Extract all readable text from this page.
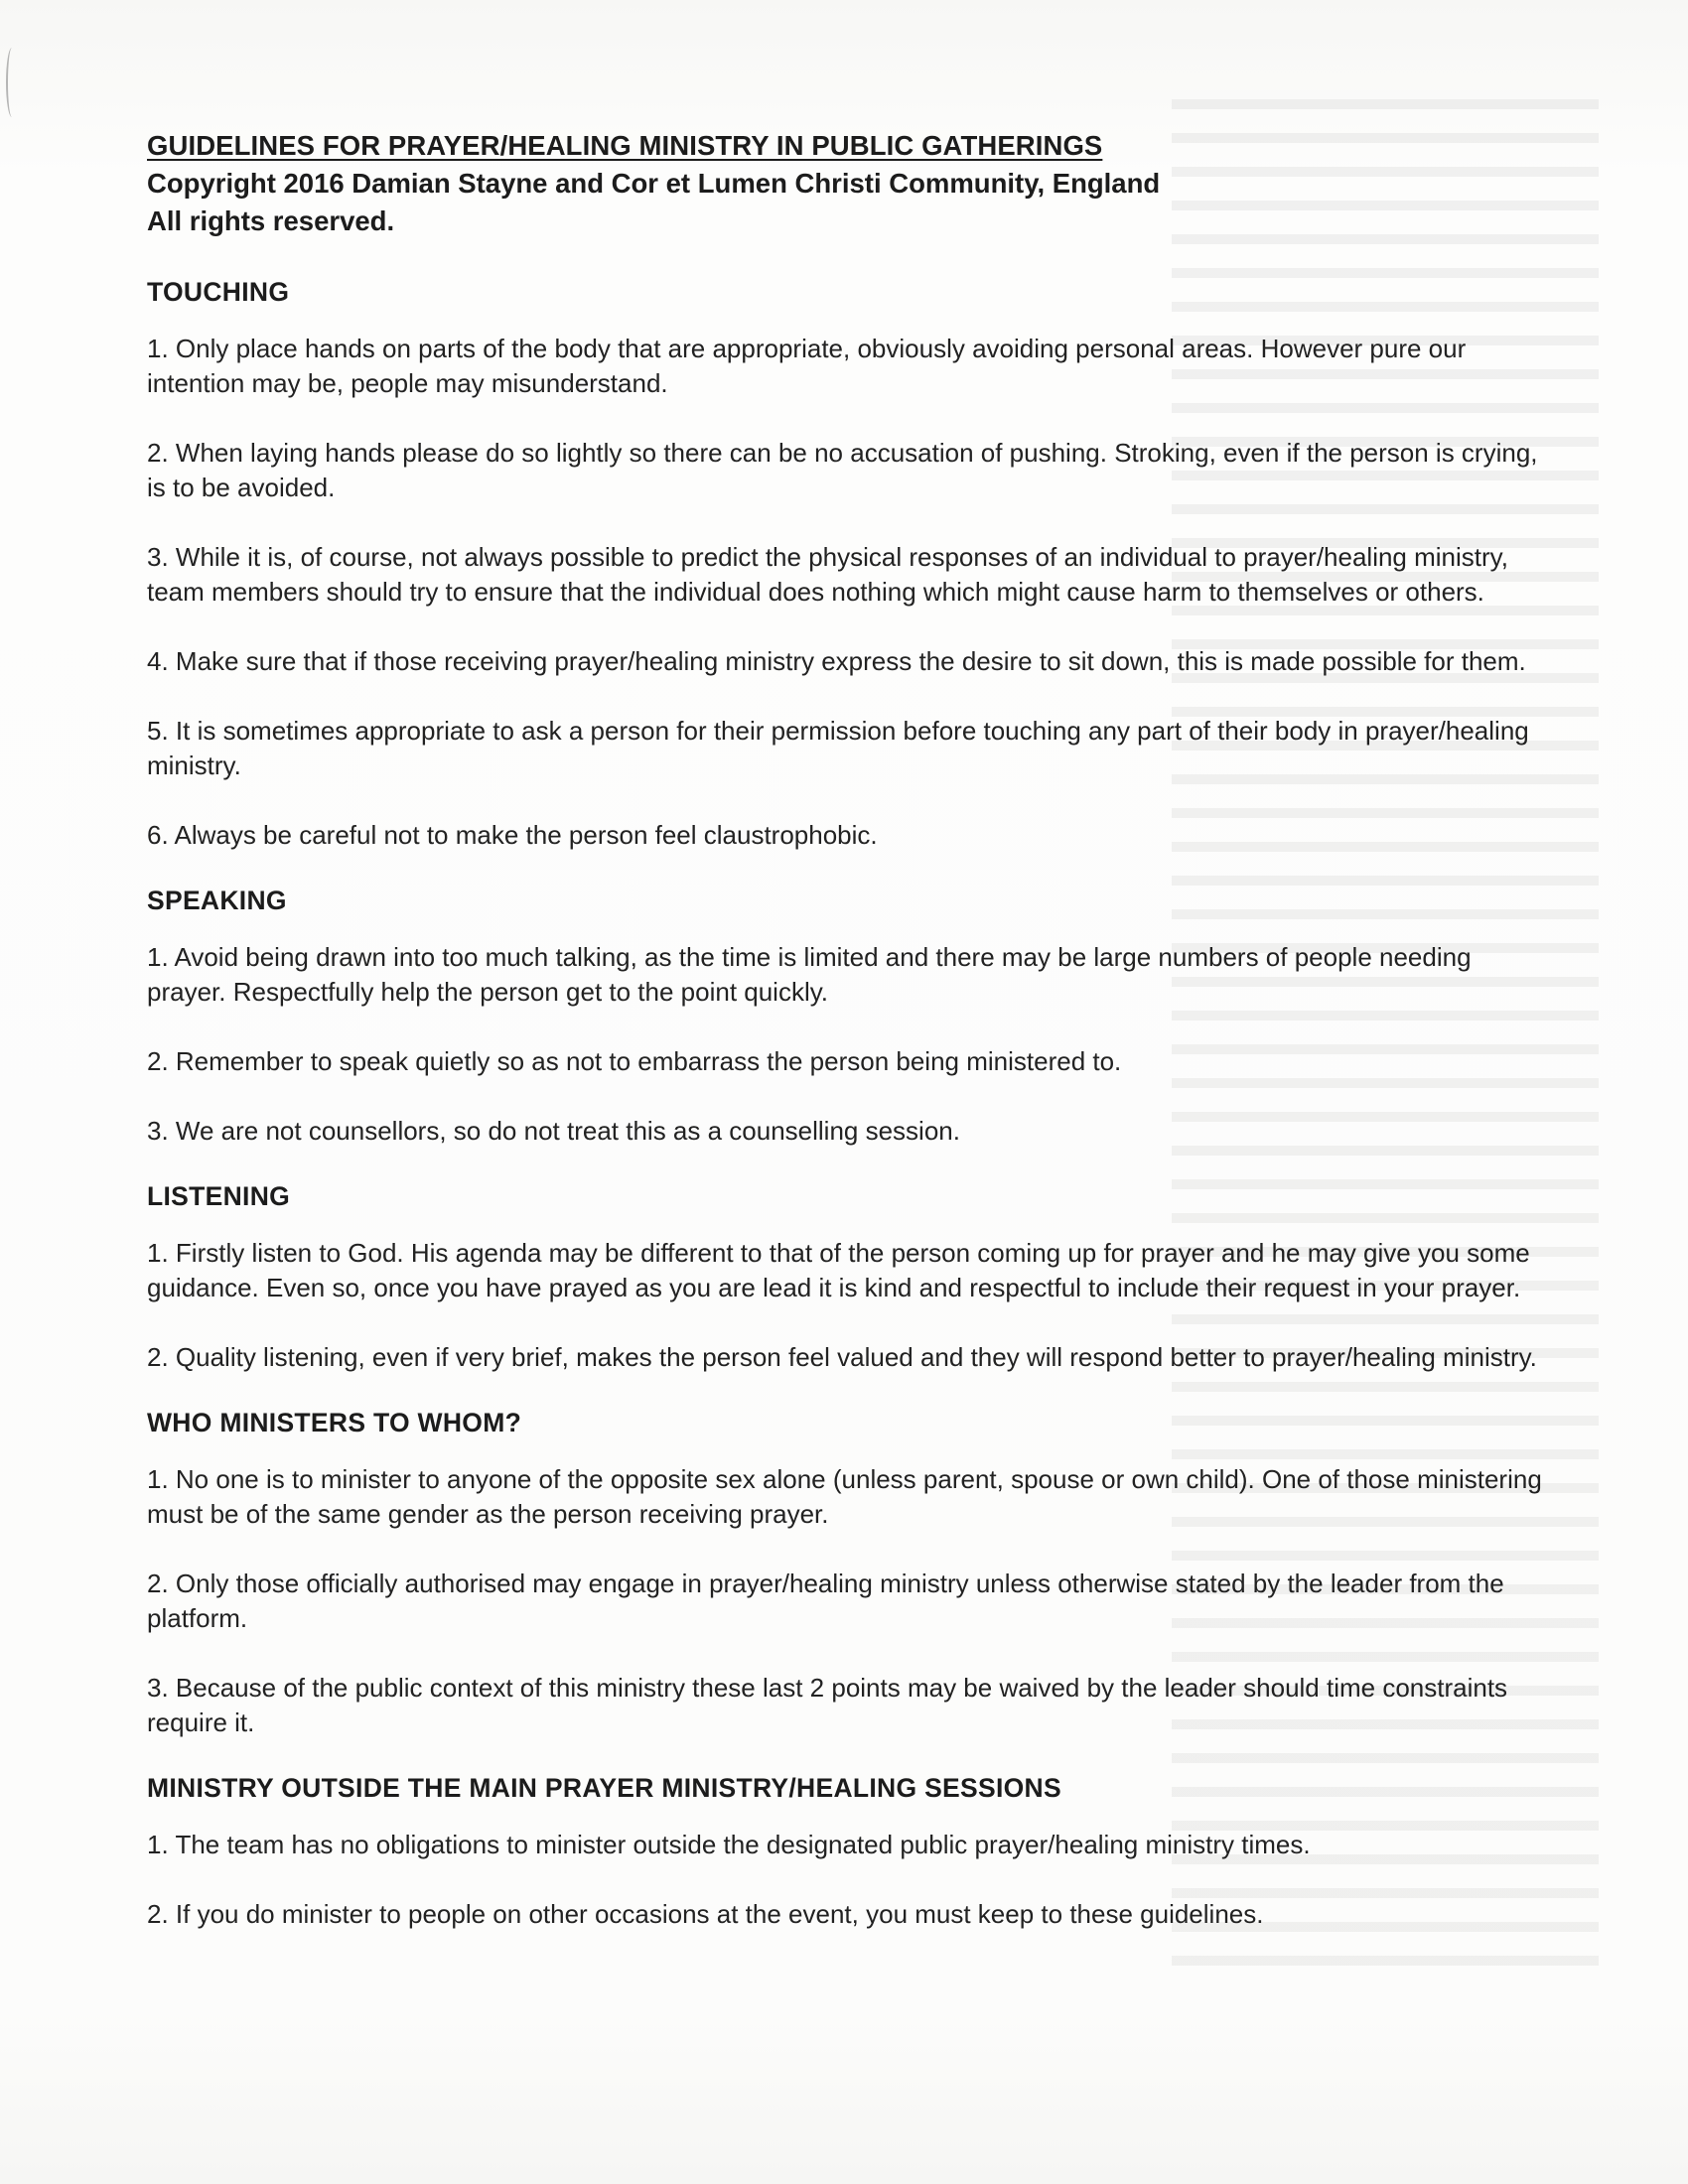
GUIDELINES FOR PRAYER/HEALING MINISTRY IN PUBLIC GATHERINGS

Copyright 2016 Damian Stayne and Cor et Lumen Christi Community, England

All rights reserved.

TOUCHING

1. Only place hands on parts of the body that are appropriate, obviously avoiding personal areas. However pure our intention may be, people may misunderstand.

2. When laying hands please do so lightly so there can be no accusation of pushing. Stroking, even if the person is crying, is to be avoided.

3. While it is, of course, not always possible to predict the physical responses of an individual to prayer/healing ministry, team members should try to ensure that the individual does nothing which might cause harm to themselves or others.

4. Make sure that if those receiving prayer/healing ministry express the desire to sit down, this is made possible for them.

5. It is sometimes appropriate to ask a person for their permission before touching any part of their body in prayer/healing ministry.

6. Always be careful not to make the person feel claustrophobic.

SPEAKING

1. Avoid being drawn into too much talking, as the time is limited and there may be large numbers of people needing prayer. Respectfully help the person get to the point quickly.

2. Remember to speak quietly so as not to embarrass the person being ministered to.

3. We are not counsellors, so do not treat this as a counselling session.

LISTENING

1. Firstly listen to God. His agenda may be different to that of the person coming up for prayer and he may give you some guidance. Even so, once you have prayed as you are lead it is kind and respectful to include their request in your prayer.

2. Quality listening, even if very brief, makes the person feel valued and they will respond better to prayer/healing ministry.

WHO MINISTERS TO WHOM?

1. No one is to minister to anyone of the opposite sex alone (unless parent, spouse or own child). One of those ministering must be of the same gender as the person receiving prayer.

2. Only those officially authorised may engage in prayer/healing ministry unless otherwise stated by the leader from the platform.

3. Because of the public context of this ministry these last 2 points may be waived by the leader should time constraints require it.

MINISTRY OUTSIDE THE MAIN PRAYER MINISTRY/HEALING SESSIONS

1. The team has no obligations to minister outside the designated public prayer/healing ministry times.

2. If you do minister to people on other occasions at the event, you must keep to these guidelines.
